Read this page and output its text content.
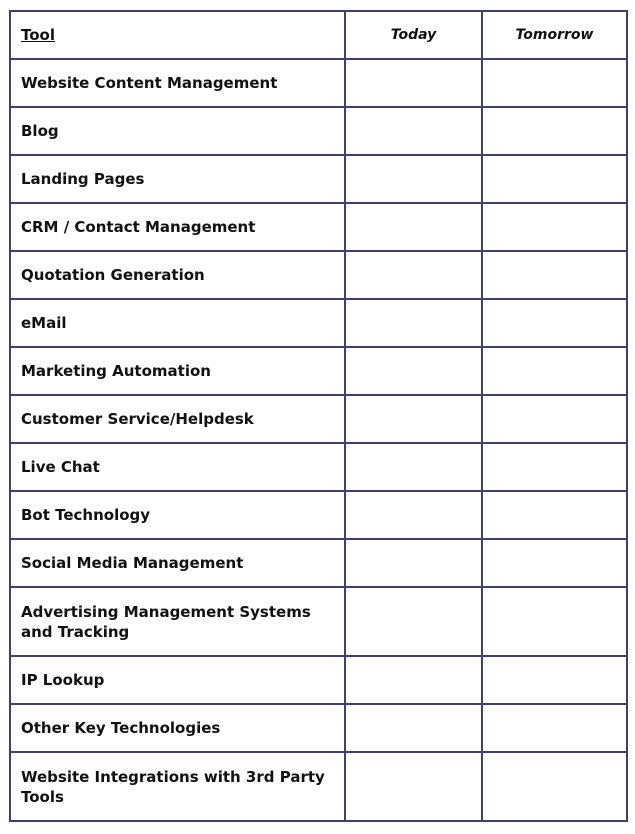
Tool	Today	Tomorrow
Website Content Management		
Blog		
Landing Pages		
CRM / Contact Management		
Quotation Generation		
eMail		
Marketing Automation		
Customer Service/Helpdesk		
Live Chat		
Bot Technology		
Social Media Management		
Advertising Management Systems and Tracking		
IP Lookup		
Other Key Technologies		
Website Integrations with 3rd Party Tools		
